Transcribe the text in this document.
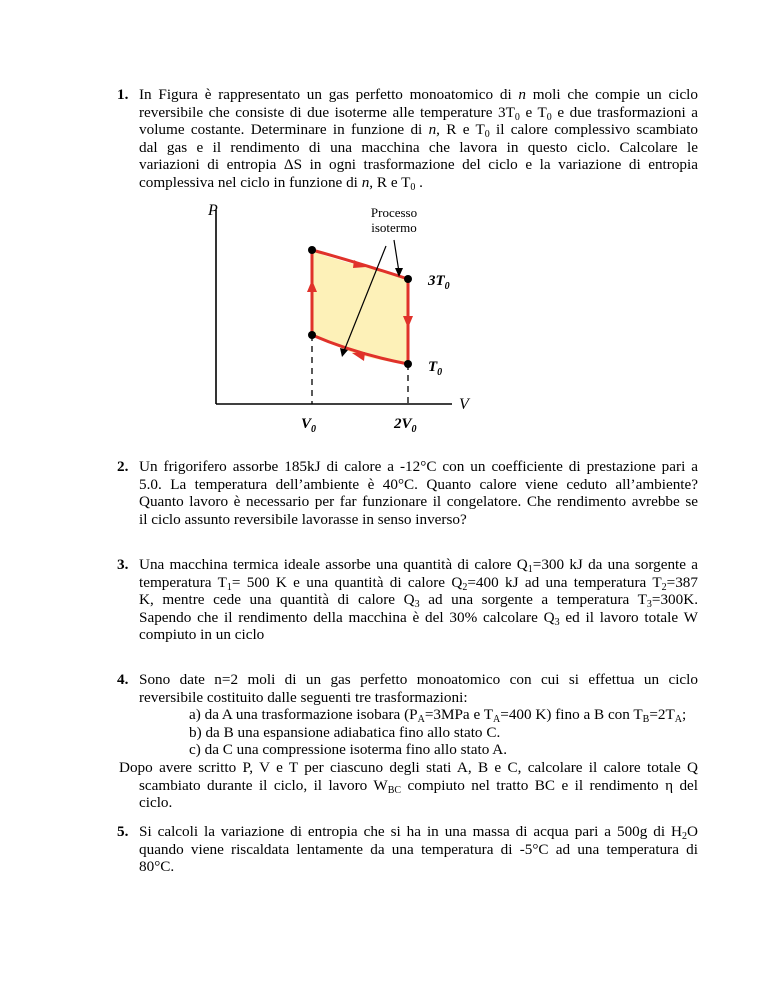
1. In Figura è rappresentato un gas perfetto monoatomico di n moli che compie un ciclo
reversibile che consiste di due isoterme alle temperature $3T_0$ e $T_0$ e due trasformazioni a
volume costante. Determinare in funzione di n, R e $T_0$ il calore complessivo scambiato
dal gas e il rendimento di una macchina che lavora in questo ciclo. Calcolare le
variazioni di entropia ΔS in ogni trasformazione del ciclo e la variazione di entropia
complessiva nel ciclo in funzione di n, R e $T_0$ .
P
V
Processo
isotermo
$3T_0$
$T_0$
$V_0$	$2V_0$
2. Un frigorifero assorbe 185kJ di calore a -12°C con un coefficiente di prestazione pari a
5.0. La temperatura dell’ambiente è 40°C. Quanto calore viene ceduto all’ambiente?
Quanto lavoro è necessario per far funzionare il congelatore. Che rendimento avrebbe se
il ciclo assunto reversibile lavorasse in senso inverso?
3. Una macchina termica ideale assorbe una quantità di calore $Q_1=300$ kJ da una sorgente a
temperatura $T_1= 500$ K e una quantità di calore $Q_2=400$ kJ ad una temperatura $T_2=387$
K, mentre cede una quantità di calore $Q_3$ ad una sorgente a temperatura $T_3=300K$.
Sapendo che il rendimento della macchina è del 30% calcolare $Q_3$ ed il lavoro totale W
compiuto in un ciclo
4. Sono date n=2 moli di un gas perfetto monoatomico con cui si effettua un ciclo
reversibile costituito dalle seguenti tre trasformazioni:
a) da A una trasformazione isobara ($P_A=3MPa$ e $T_A=400$ K) fino a B con $T_B=2T_A$;
b) da B una espansione adiabatica fino allo stato C.
c) da C una compressione isoterma fino allo stato A.
Dopo avere scritto P, V e T per ciascuno degli stati A, B e C, calcolare il calore totale Q
scambiato durante il ciclo, il lavoro $W_{BC}$ compiuto nel tratto BC e il rendimento η del
ciclo.
5. Si calcoli la variazione di entropia che si ha in una massa di acqua pari a 500g di $H_2O$
quando viene riscaldata lentamente da una temperatura di -5°C ad una temperatura di
80°C.
